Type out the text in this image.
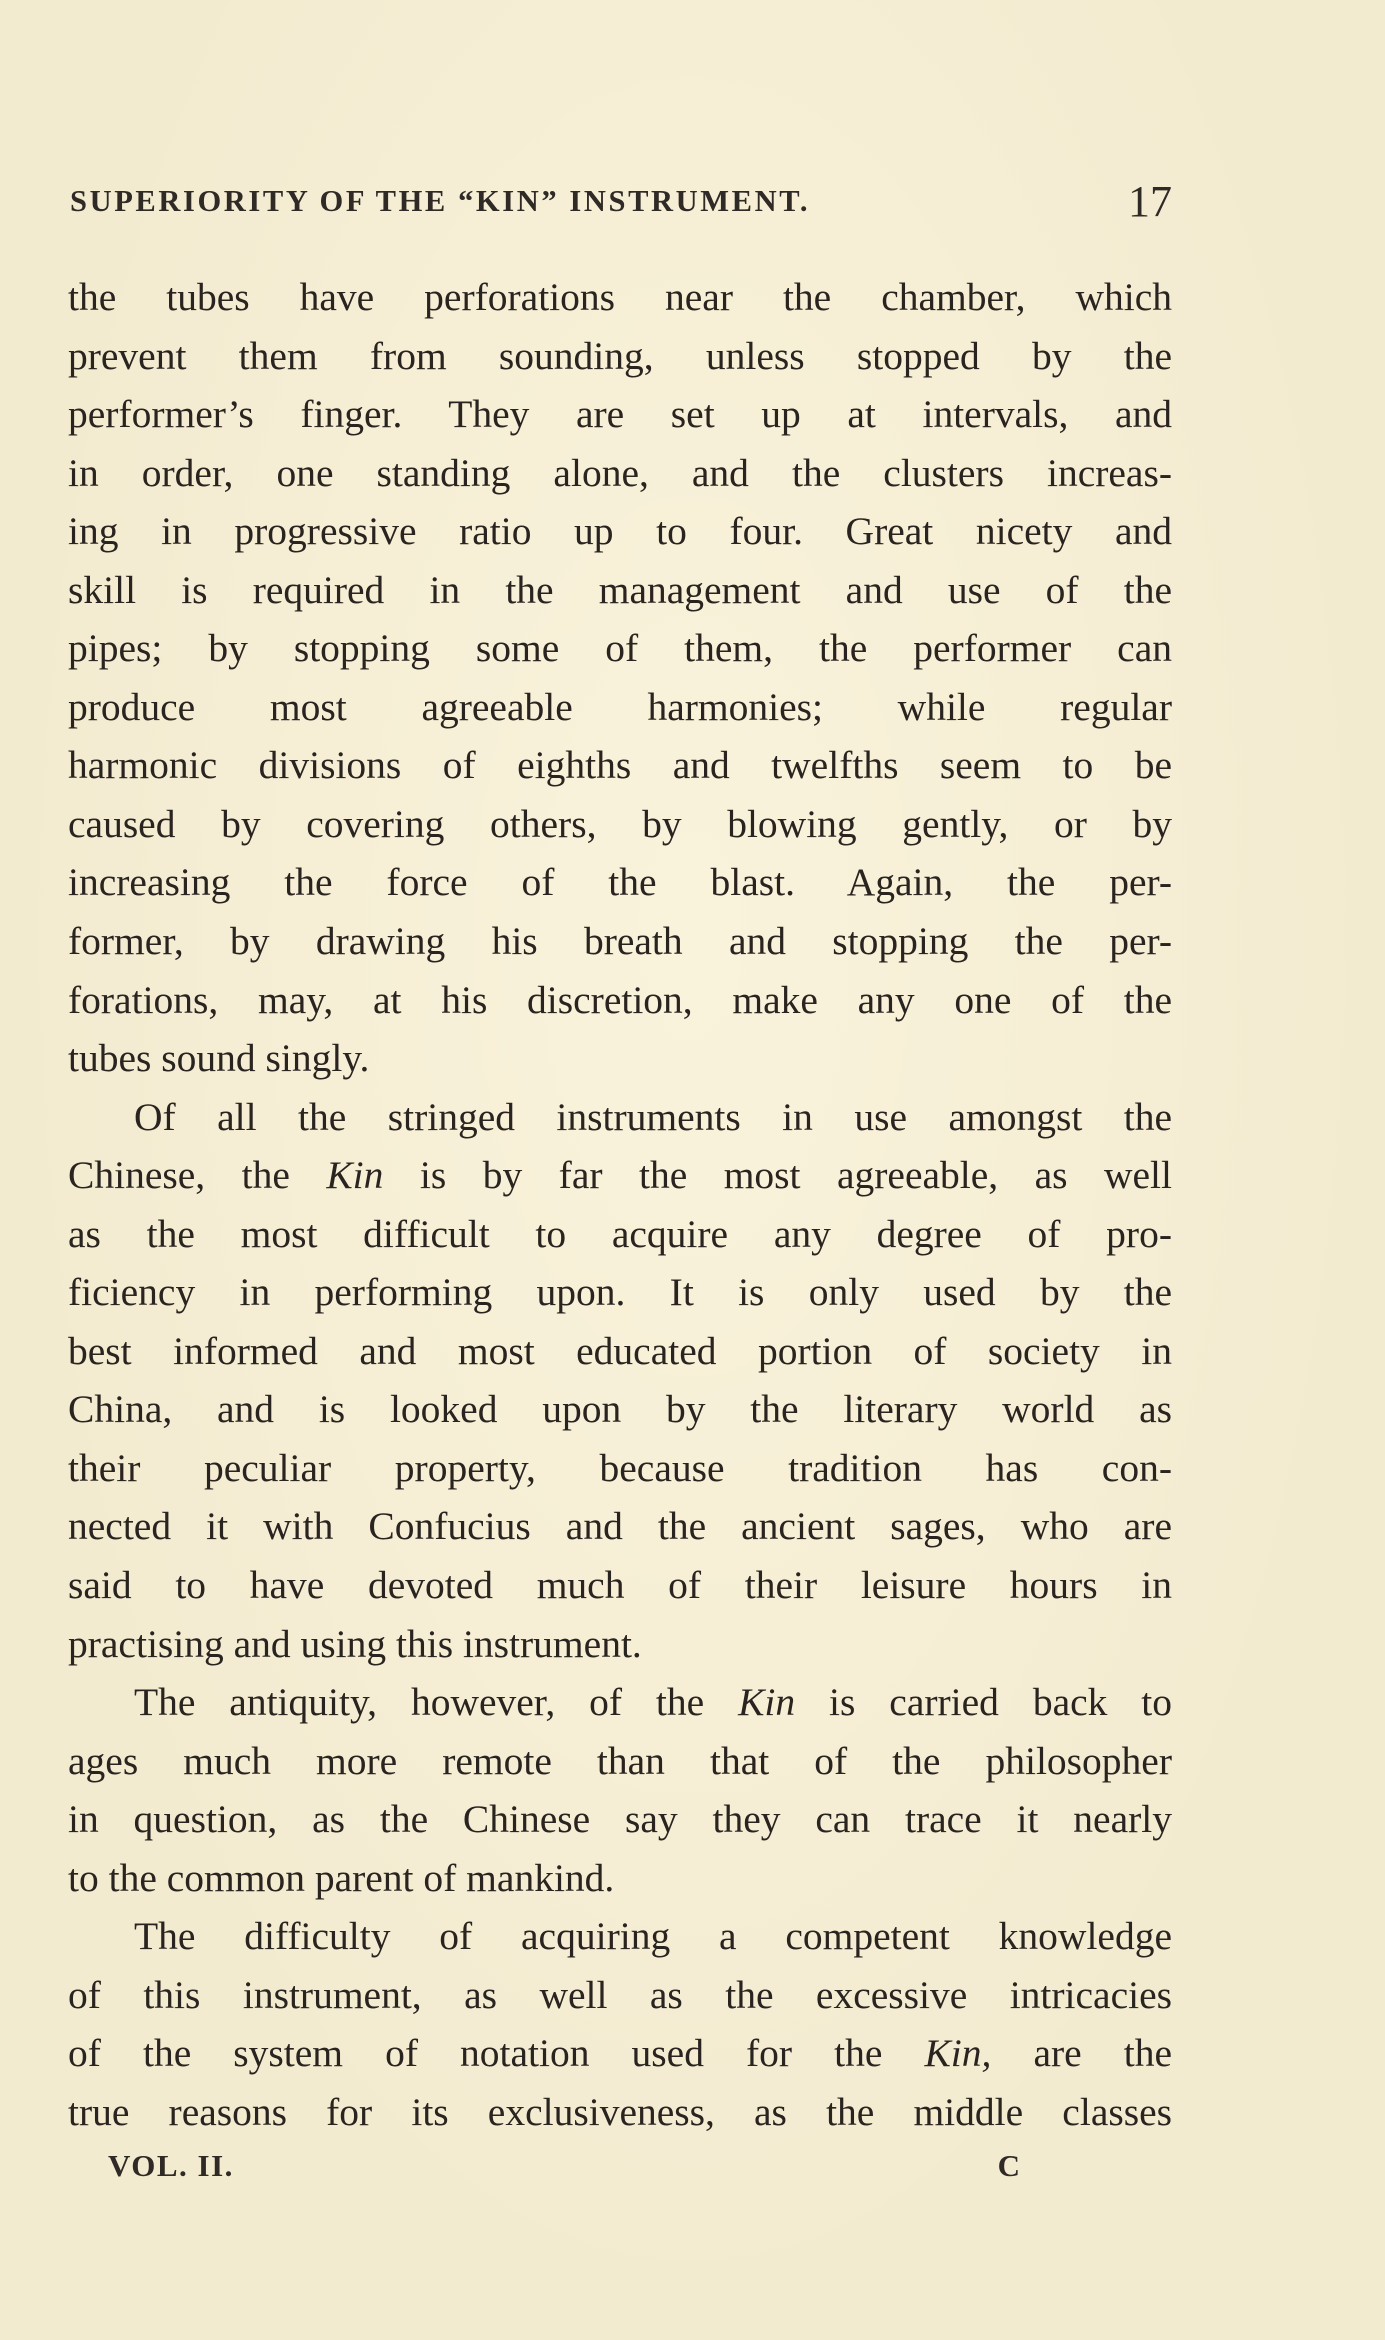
SUPERIORITY OF THE “KIN” INSTRUMENT.	17
the tubes have perforations near the chamber, which
prevent them from sounding, unless stopped by the
performer’s finger. They are set up at intervals, and
in order, one standing alone, and the clusters increas-
ing in progressive ratio up to four. Great nicety and
skill is required in the management and use of the
pipes; by stopping some of them, the performer can
produce most agreeable harmonies; while regular
harmonic divisions of eighths and twelfths seem to be
caused by covering others, by blowing gently, or by
increasing the force of the blast. Again, the per-
former, by drawing his breath and stopping the per-
forations, may, at his discretion, make any one of the
tubes sound singly.
Of all the stringed instruments in use amongst the
Chinese, the Kin is by far the most agreeable, as well
as the most difficult to acquire any degree of pro-
ficiency in performing upon. It is only used by the
best informed and most educated portion of society in
China, and is looked upon by the literary world as
their peculiar property, because tradition has con-
nected it with Confucius and the ancient sages, who are
said to have devoted much of their leisure hours in
practising and using this instrument.
The antiquity, however, of the Kin is carried back to
ages much more remote than that of the philosopher
in question, as the Chinese say they can trace it nearly
to the common parent of mankind.
The difficulty of acquiring a competent knowledge
of this instrument, as well as the excessive intricacies
of the system of notation used for the Kin, are the
true reasons for its exclusiveness, as the middle classes
VOL. II.	C
